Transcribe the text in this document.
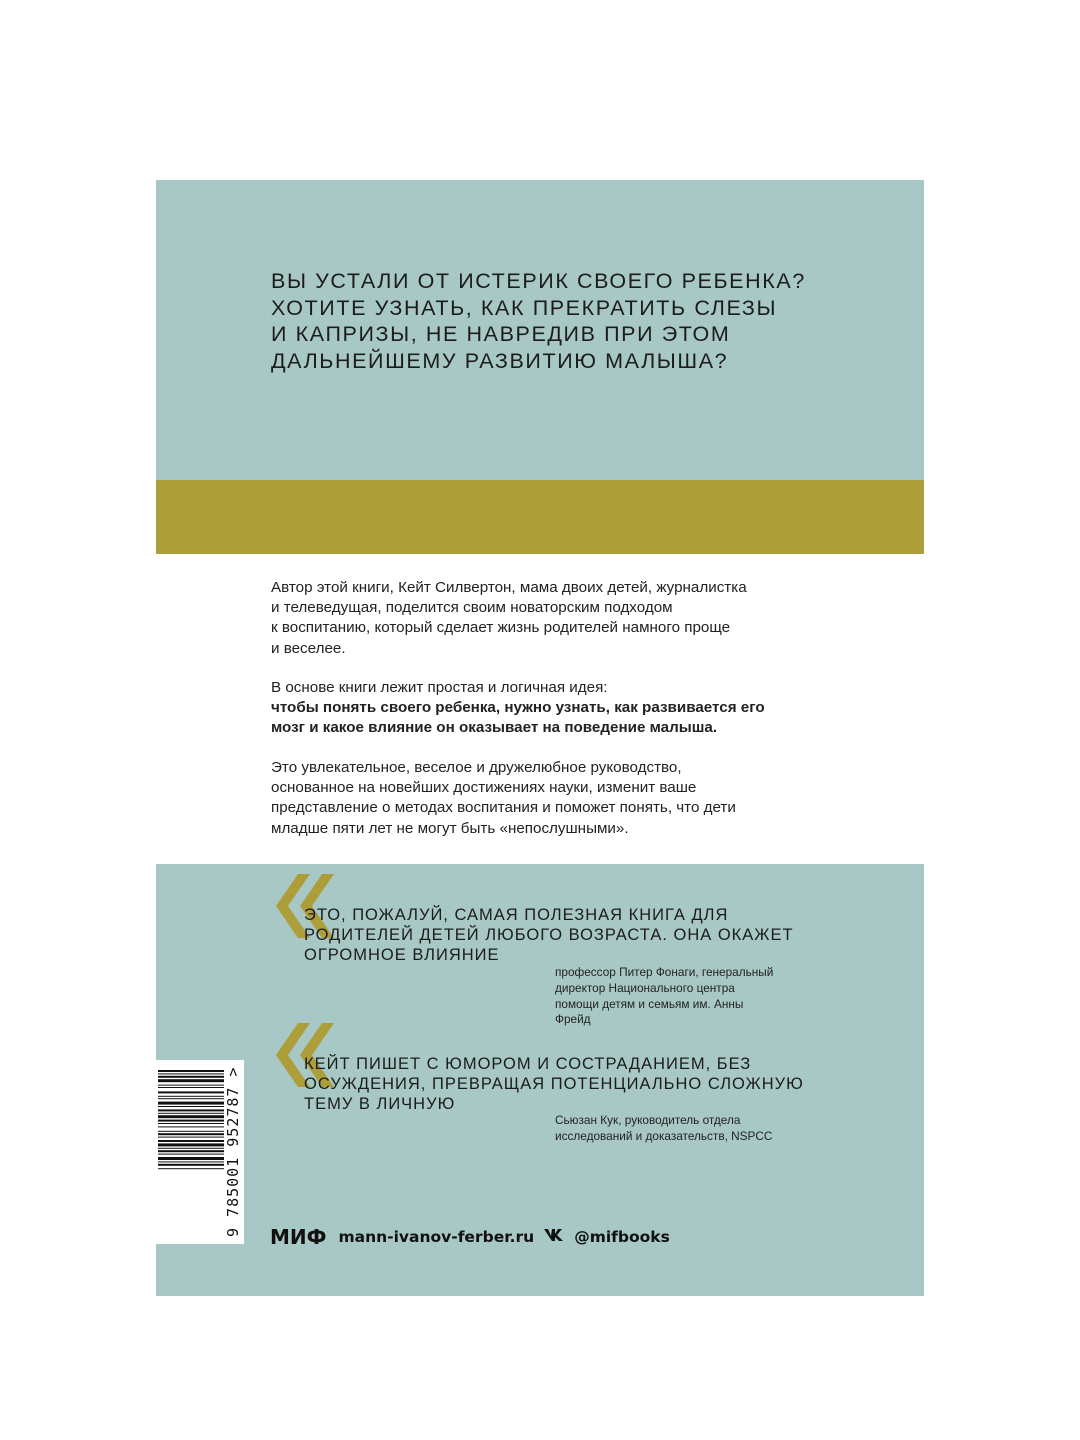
ВЫ УСТАЛИ ОТ ИСТЕРИК СВОЕГО РЕБЕНКА?
ХОТИТЕ УЗНАТЬ, КАК ПРЕКРАТИТЬ СЛЕЗЫ
И КАПРИЗЫ, НЕ НАВРЕДИВ ПРИ ЭТОМ
ДАЛЬНЕЙШЕМУ РАЗВИТИЮ МАЛЫША?

Автор этой книги, Кейт Силвертон, мама двоих детей, журналистка
и телеведущая, поделится своим новаторским подходом
к воспитанию, который сделает жизнь родителей намного проще
и веселее.

В основе книги лежит простая и логичная идея:
чтобы понять своего ребенка, нужно узнать, как развивается его
мозг и какое влияние он оказывает на поведение малыша.

Это увлекательное, веселое и дружелюбное руководство,
основанное на новейших достижениях науки, изменит ваше
представление о методах воспитания и поможет понять, что дети
младше пяти лет не могут быть «непослушными».

ЭТО, ПОЖАЛУЙ, САМАЯ ПОЛЕЗНАЯ КНИГА ДЛЯ
РОДИТЕЛЕЙ ДЕТЕЙ ЛЮБОГО ВОЗРАСТА. ОНА ОКАЖЕТ
ОГРОМНОЕ ВЛИЯНИЕ

профессор Питер Фонаги, генеральный
директор Национального центра
помощи детям и семьям им. Анны
Фрейд

КЕЙТ ПИШЕТ С ЮМОРОМ И СОСТРАДАНИЕМ, БЕЗ
ОСУЖДЕНИЯ, ПРЕВРАЩАЯ ПОТЕНЦИАЛЬНО СЛОЖНУЮ
ТЕМУ В ЛИЧНУЮ

Сьюзан Кук, руководитель отдела
исследований и доказательств, NSPCC

9 785001 952787 > МИФ mann-ivanov-ferber.ru	@mifbooks
